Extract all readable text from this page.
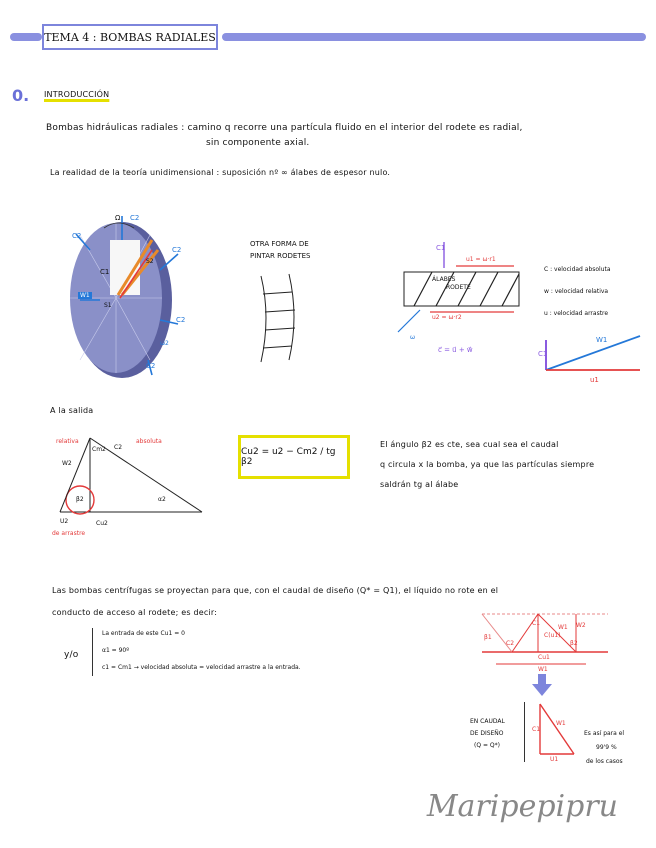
TEMA 4 : BOMBAS RADIALES
0. INTRODUCCIÓN
Bombas hidráulicas radiales : camino q recorre una partícula fluido en el interior del rodete es radial,
sin componente axial.
La realidad de la teoría unidimensional : suposición nº ∞ álabes de espesor nulo.
C2
C2
C2
C2
C2
C1
W1
Ω
S1
S2
ω2
OTRA FORMA DE
PINTAR RODETES
C1
u1 = ω·r1
ÁLABES
RODETE
u2 = ω·r2
ω
c⃗ = u⃗ + w⃗
C : velocidad absoluta
w : velocidad relativa
u : velocidad arrastre
W1
C1
u1
A la salida
relativa	absoluta
Cm2 C2
W2
β2	α2
U2	Cu2
de arrastre
Cu2 = u2 − Cm2 / tg β2
El ángulo β2 es cte, sea cual sea el caudal
q circula x la bomba, ya que las partículas siempre
saldrán tg al álabe
Las bombas centrífugas se proyectan para que, con el caudal de diseño (Q* = Q1), el líquido no rote en el
conducto de acceso al rodete; es decir:
y/o
La entrada de este Cu1 = 0
α1 = 90º
c1 = Cm1 → velocidad absoluta = velocidad arrastre a la entrada.
β1
C1
C(u1)
W1 W2
C2	β2
Cu1
W1
EN CAUDAL
DE DISEÑO
(Q = Q*)
C1
W1
U1
Es así para el
99'9 %
de los casos
Maripepipru
